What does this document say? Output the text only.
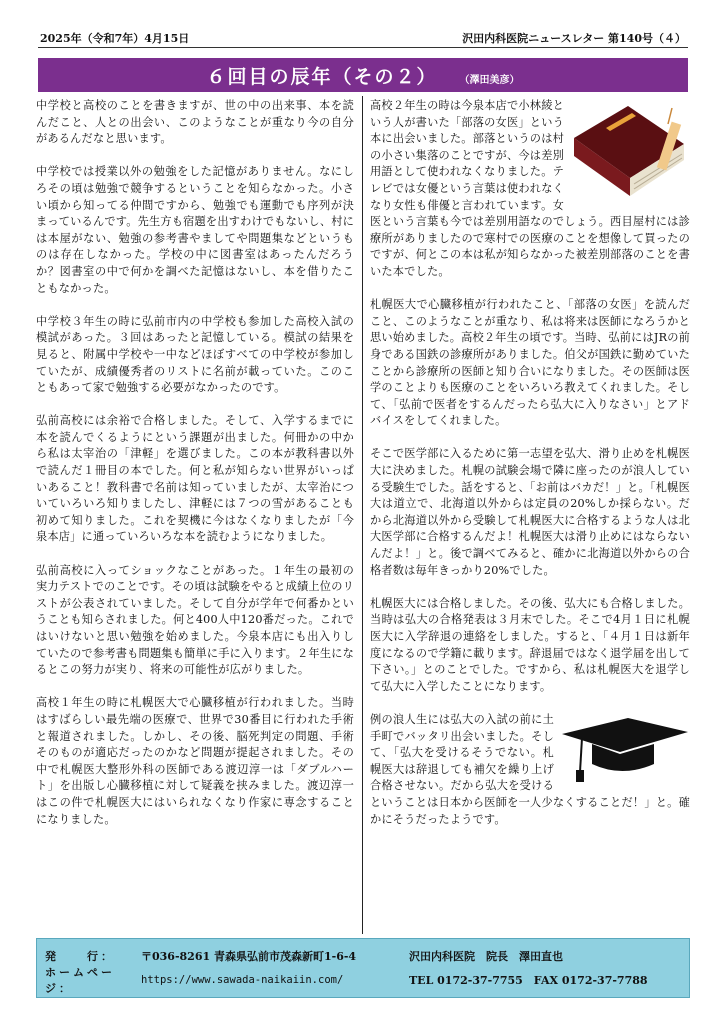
2025年（令和7年）4月15日	沢田内科医院ニュースレター 第140号（４）
６回目の辰年（その２） （澤田美彦）

中学校と高校のことを書きますが、世の中の出来事、本を読んだこと、人との出会い、このようなことが重なり今の自分があるんだなと思います。

中学校では授業以外の勉強をした記憶がありません。なにしろその頃は勉強で競争するということを知らなかった。小さい頃から知ってる仲間ですから、勉強でも運動でも序列が決まっているんです。先生方も宿題を出すわけでもないし、村には本屋がない、勉強の参考書やましてや問題集などというものは存在しなかった。学校の中に図書室はあったんだろうか？図書室の中で何かを調べた記憶はないし、本を借りたこともなかった。

中学校３年生の時に弘前市内の中学校も参加した高校入試の模試があった。３回はあったと記憶している。模試の結果を見ると、附属中学校や一中などほぼすべての中学校が参加していたが、成績優秀者のリストに名前が載っていた。このこともあって家で勉強する必要がなかったのです。

弘前高校には余裕で合格しました。そして、入学するまでに本を読んでくるようにという課題が出ました。何冊かの中から私は太宰治の「津軽」を選びました。この本が教科書以外で読んだ１冊目の本でした。何と私が知らない世界がいっぱいあること！教科書で名前は知っていましたが、太宰治についていろいろ知りましたし、津軽には７つの雪があることも初めて知りました。これを契機に今はなくなりましたが「今泉本店」に通っていろいろな本を読むようになりました。

弘前高校に入ってショックなことがあった。１年生の最初の実力テストでのことです。その頃は試験をやると成績上位のリストが公表されていました。そして自分が学年で何番かということも知らされました。何と400人中120番だった。これではいけないと思い勉強を始めました。今泉本店にも出入りしていたので参考書も問題集も簡単に手に入ります。２年生になるとこの努力が実り、将来の可能性が広がりました。

高校１年生の時に札幌医大で心臓移植が行われました。当時はすばらしい最先端の医療で、世界で30番目に行われた手術と報道されました。しかし、その後、脳死判定の問題、手術そのものが適応だったのかなど問題が提起されました。その中で札幌医大整形外科の医師である渡辺淳一は「ダブルハート」を出版し心臓移植に対して疑義を挟みました。渡辺淳一はこの件で札幌医大にはいられなくなり作家に専念することになりました。

高校２年生の時は今泉本店で小林綾という人が書いた「部落の女医」という本に出会いました。部落というのは村の小さい集落のことですが、今は差別用語として使われなくなりました。テレビでは女優という言葉は使われなくなり女性も俳優と言われています。女医という言葉も今では差別用語なのでしょう。西目屋村には診療所がありましたので寒村での医療のことを想像して買ったのですが、何とこの本は私が知らなかった被差別部落のことを書いた本でした。

札幌医大で心臓移植が行われたこと、「部落の女医」を読んだこと、このようなことが重なり、私は将来は医師になろうかと思い始めました。高校２年生の頃です。当時、弘前にはJRの前身である国鉄の診療所がありました。伯父が国鉄に勤めていたことから診療所の医師と知り合いになりました。その医師は医学のことよりも医療のことをいろいろ教えてくれました。そして、「弘前で医者をするんだったら弘大に入りなさい」とアドバイスをしてくれました。

そこで医学部に入るために第一志望を弘大、滑り止めを札幌医大に決めました。札幌の試験会場で隣に座ったのが浪人している受験生でした。話をすると、「お前はバカだ！」と。「札幌医大は道立で、北海道以外からは定員の20%しか採らない。だから北海道以外から受験して札幌医大に合格するような人は北大医学部に合格するんだよ！札幌医大は滑り止めにはならないんだよ！」と。後で調べてみると、確かに北海道以外からの合格者数は毎年きっかり20%でした。

札幌医大には合格しました。その後、弘大にも合格しました。当時は弘大の合格発表は３月末でした。そこで4月１日に札幌医大に入学辞退の連絡をしました。すると、「４月１日は新年度になるので学籍に載ります。辞退届ではなく退学届を出して下さい。」とのことでした。ですから、私は札幌医大を退学して弘大に入学したことになります。

例の浪人生には弘大の入試の前に土手町でバッタリ出会いました。そして、「弘大を受けるそうでない。札幌医大は辞退しても補欠を繰り上げ合格させない。だから弘大を受けるということは日本から医師を一人少なくすることだ！」と。確かにそうだったようです。

発　　行：	〒036-8261 青森県弘前市茂森新町1-6-4	沢田内科医院　院長　澤田直也
ホームページ：
https://www.sawada-naikaiin.com/	TEL 0172-37-7755　FAX 0172-37-7788
